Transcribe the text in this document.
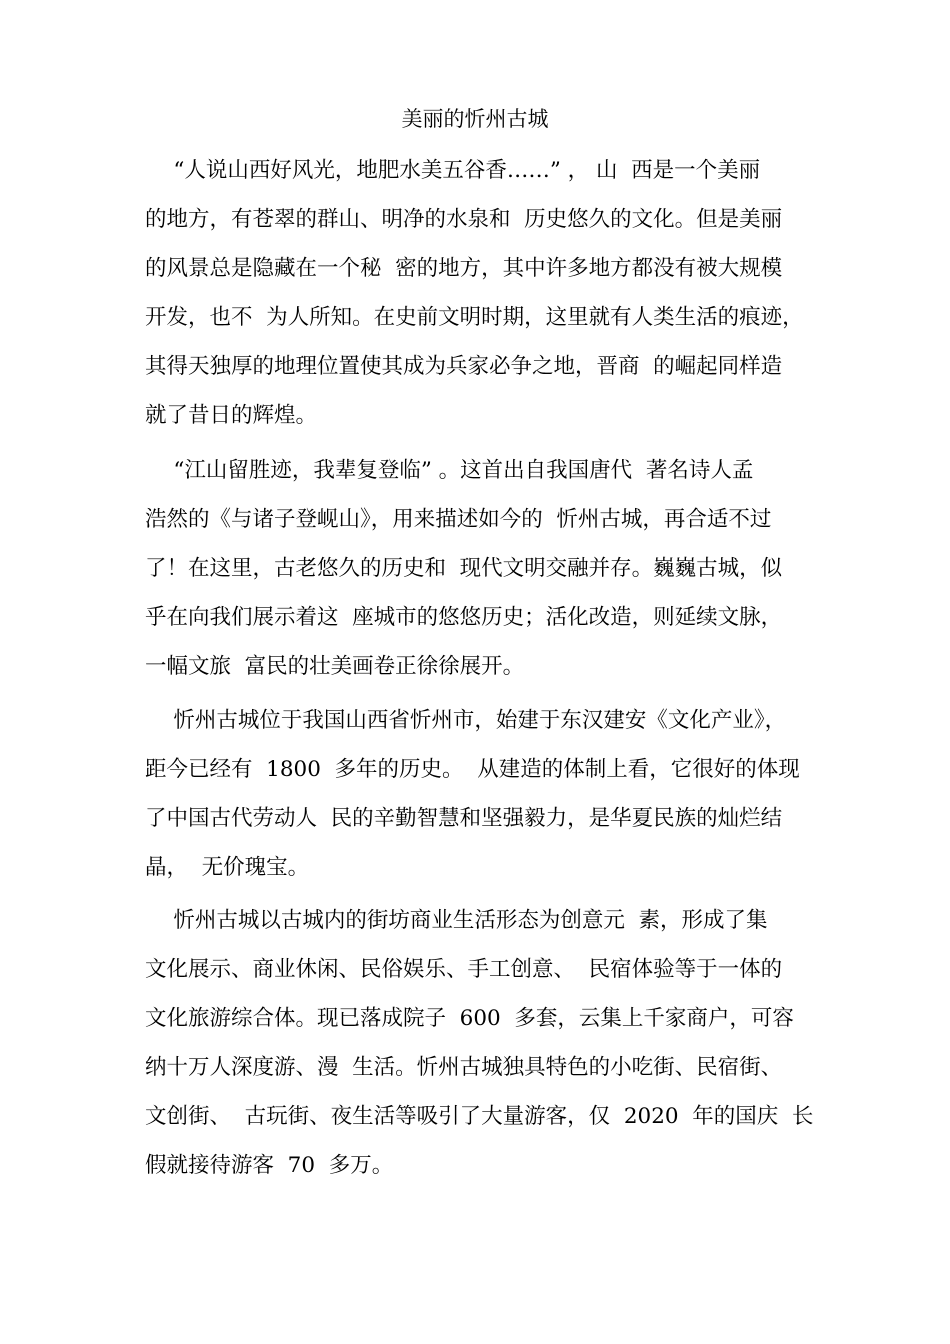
美丽的忻州古城
　 “人说山西好风光，地肥水美五谷香……” ， 山  西是一个美丽
的地方，有苍翠的群山、明净的水泉和  历史悠久的文化。但是美丽
的风景总是隐藏在一个秘  密的地方，其中许多地方都没有被大规模
开发，也不  为人所知。在史前文明时期，这里就有人类生活的痕迹，
其得天独厚的地理位置使其成为兵家必争之地，晋商  的崛起同样造
就了昔日的辉煌。
　 “江山留胜迹，我辈复登临” 。这首出自我国唐代  著名诗人孟
浩然的《与诸子登岘山》，用来描述如今的  忻州古城，再合适不过
了！在这里，古老悠久的历史和  现代文明交融并存。巍巍古城，似
乎在向我们展示着这  座城市的悠悠历史；活化改造，则延续文脉，
一幅文旅  富民的壮美画卷正徐徐展开。
　 忻州古城位于我国山西省忻州市，始建于东汉建安《文化产业》，
距今已经有  1800  多年的历史。  从建造的体制上看，它很好的体现
了中国古代劳动人  民的辛勤智慧和坚强毅力，是华夏民族的灿烂结
晶，  无价瑰宝。
　 忻州古城以古城内的街坊商业生活形态为创意元  素，形成了集
文化展示、商业休闲、民俗娱乐、手工创意、  民宿体验等于一体的
文化旅游综合体。现已落成院子  600  多套，云集上千家商户，可容
纳十万人深度游、漫  生活。忻州古城独具特色的小吃街、民宿街、
文创街、  古玩街、夜生活等吸引了大量游客，仅  2020  年的国庆  长
假就接待游客  70  多万。
